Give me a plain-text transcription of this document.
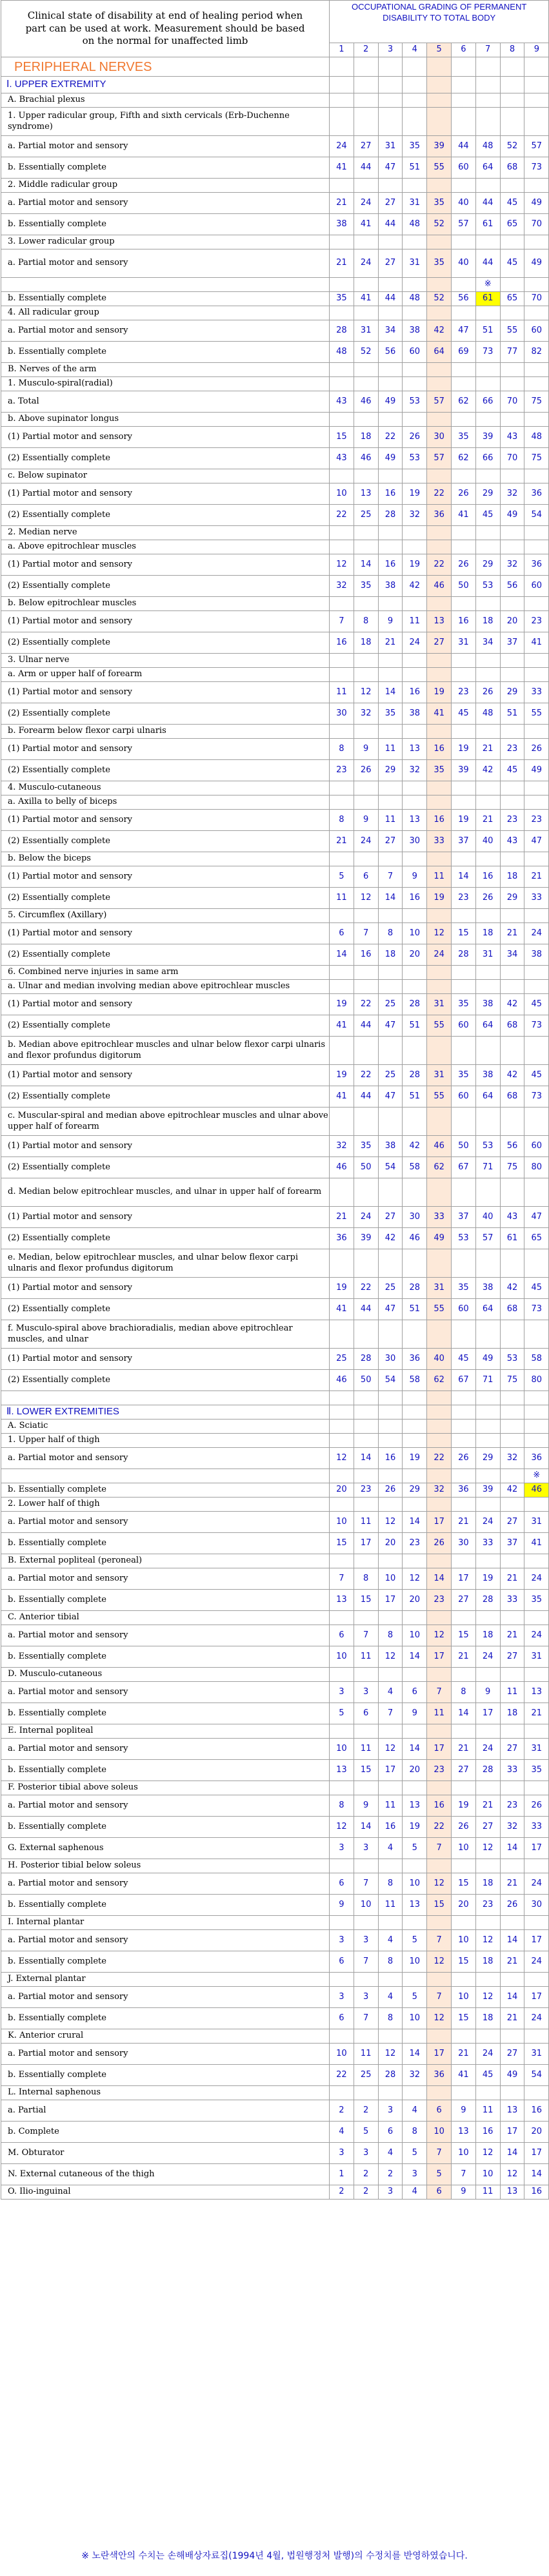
Clinical state of disability at end of healing period when part can be used at work. Measurement should be based on the normal for unaffected limb	OCCUPATIONAL GRADING OF PERMANENT DISABILITY TO TOTAL BODY								

	1	2	3	4	5	6	7	8	9
PERIPHERAL NERVES									
Ⅰ. UPPER EXTREMITY									
A. Brachial plexus									
1. Upper radicular group, Fifth and sixth cervicals (Erb-Duchenne syndrome)									
a. Partial motor and sensory	24	27	31	35	39	44	48	52	57
b. Essentially complete	41	44	47	51	55	60	64	68	73
2. Middle radicular group									
a. Partial motor and sensory	21	24	27	31	35	40	44	45	49
b. Essentially complete	38	41	44	48	52	57	61	65	70
3. Lower radicular group									
a. Partial motor and sensory	21	24	27	31	35	40	44	45	49
							※		
b. Essentially complete	35	41	44	48	52	56	61	65	70
4. All radicular group									
a. Partial motor and sensory	28	31	34	38	42	47	51	55	60
b. Essentially complete	48	52	56	60	64	69	73	77	82
B. Nerves of the arm									
1. Musculo-spiral(radial)									
a. Total	43	46	49	53	57	62	66	70	75
b. Above supinator longus									
(1) Partial motor and sensory	15	18	22	26	30	35	39	43	48
(2) Essentially complete	43	46	49	53	57	62	66	70	75
c. Below supinator									
(1) Partial motor and sensory	10	13	16	19	22	26	29	32	36
(2) Essentially complete	22	25	28	32	36	41	45	49	54
2. Median nerve									
a. Above epitrochlear muscles									
(1) Partial motor and sensory	12	14	16	19	22	26	29	32	36
(2) Essentially complete	32	35	38	42	46	50	53	56	60
b. Below epitrochlear muscles									
(1) Partial motor and sensory	7	8	9	11	13	16	18	20	23
(2) Essentially complete	16	18	21	24	27	31	34	37	41
3. Ulnar nerve									
a. Arm or upper half of forearm									
(1) Partial motor and sensory	11	12	14	16	19	23	26	29	33
(2) Essentially complete	30	32	35	38	41	45	48	51	55
b. Forearm below flexor carpi ulnaris									
(1) Partial motor and sensory	8	9	11	13	16	19	21	23	26
(2) Essentially complete	23	26	29	32	35	39	42	45	49
4. Musculo-cutaneous									
a. Axilla to belly of biceps									
(1) Partial motor and sensory	8	9	11	13	16	19	21	23	23
(2) Essentially complete	21	24	27	30	33	37	40	43	47
b. Below the biceps									
(1) Partial motor and sensory	5	6	7	9	11	14	16	18	21
(2) Essentially complete	11	12	14	16	19	23	26	29	33
5. Circumflex (Axillary)									
(1) Partial motor and sensory	6	7	8	10	12	15	18	21	24
(2) Essentially complete	14	16	18	20	24	28	31	34	38
6. Combined nerve injuries in same arm									
a. Ulnar and median involving median above epitrochlear muscles									
(1) Partial motor and sensory	19	22	25	28	31	35	38	42	45
(2) Essentially complete	41	44	47	51	55	60	64	68	73
b. Median above epitrochlear muscles and ulnar below flexor carpi ulnaris and flexor profundus digitorum									
(1) Partial motor and sensory	19	22	25	28	31	35	38	42	45
(2) Essentially complete	41	44	47	51	55	60	64	68	73
c. Muscular-spiral and median above epitrochlear muscles and ulnar above upper half of forearm									
(1) Partial motor and sensory	32	35	38	42	46	50	53	56	60
(2) Essentially complete	46	50	54	58	62	67	71	75	80
d. Median below epitrochlear muscles, and ulnar in upper half of forearm									
(1) Partial motor and sensory	21	24	27	30	33	37	40	43	47
(2) Essentially complete	36	39	42	46	49	53	57	61	65
e. Median, below epitrochlear muscles, and ulnar below flexor carpi ulnaris and flexor profundus digitorum									
(1) Partial motor and sensory	19	22	25	28	31	35	38	42	45
(2) Essentially complete	41	44	47	51	55	60	64	68	73
f. Musculo-spiral above brachioradialis, median above epitrochlear muscles, and ulnar									
(1) Partial motor and sensory	25	28	30	36	40	45	49	53	58
(2) Essentially complete	46	50	54	58	62	67	71	75	80

Ⅱ. LOWER EXTREMITIES									
A. Sciatic									
1. Upper half of thigh									
a. Partial motor and sensory	12	14	16	19	22	26	29	32	36
									※
b. Essentially complete	20	23	26	29	32	36	39	42	46
2. Lower half of thigh									
a. Partial motor and sensory	10	11	12	14	17	21	24	27	31
b. Essentially complete	15	17	20	23	26	30	33	37	41
B. External popliteal (peroneal)									
a. Partial motor and sensory	7	8	10	12	14	17	19	21	24
b. Essentially complete	13	15	17	20	23	27	28	33	35
C. Anterior tibial									
a. Partial motor and sensory	6	7	8	10	12	15	18	21	24
b. Essentially complete	10	11	12	14	17	21	24	27	31
D. Musculo-cutaneous									
a. Partial motor and sensory	3	3	4	6	7	8	9	11	13
b. Essentially complete	5	6	7	9	11	14	17	18	21
E. Internal popliteal									
a. Partial motor and sensory	10	11	12	14	17	21	24	27	31
b. Essentially complete	13	15	17	20	23	27	28	33	35
F. Posterior tibial above soleus									
a. Partial motor and sensory	8	9	11	13	16	19	21	23	26
b. Essentially complete	12	14	16	19	22	26	27	32	33
G. External saphenous	3	3	4	5	7	10	12	14	17
H. Posterior tibial below soleus									
a. Partial motor and sensory	6	7	8	10	12	15	18	21	24
b. Essentially complete	9	10	11	13	15	20	23	26	30
I. Internal plantar									
a. Partial motor and sensory	3	3	4	5	7	10	12	14	17
b. Essentially complete	6	7	8	10	12	15	18	21	24
J. External plantar									
a. Partial motor and sensory	3	3	4	5	7	10	12	14	17
b. Essentially complete	6	7	8	10	12	15	18	21	24
K. Anterior crural									
a. Partial motor and sensory	10	11	12	14	17	21	24	27	31
b. Essentially complete	22	25	28	32	36	41	45	49	54
L. Internal saphenous									
a. Partial	2	2	3	4	6	9	11	13	16
b. Complete	4	5	6	8	10	13	16	17	20
M. Obturator	3	3	4	5	7	10	12	14	17
N. External cutaneous of the thigh	1	2	2	3	5	7	10	12	14
O. Ilio-inguinal	2	2	3	4	6	9	11	13	16
※ 노란색안의 수치는 손해배상자료집(1994년 4월, 법원행정처 발행)의 수정치를 반영하였습니다.
